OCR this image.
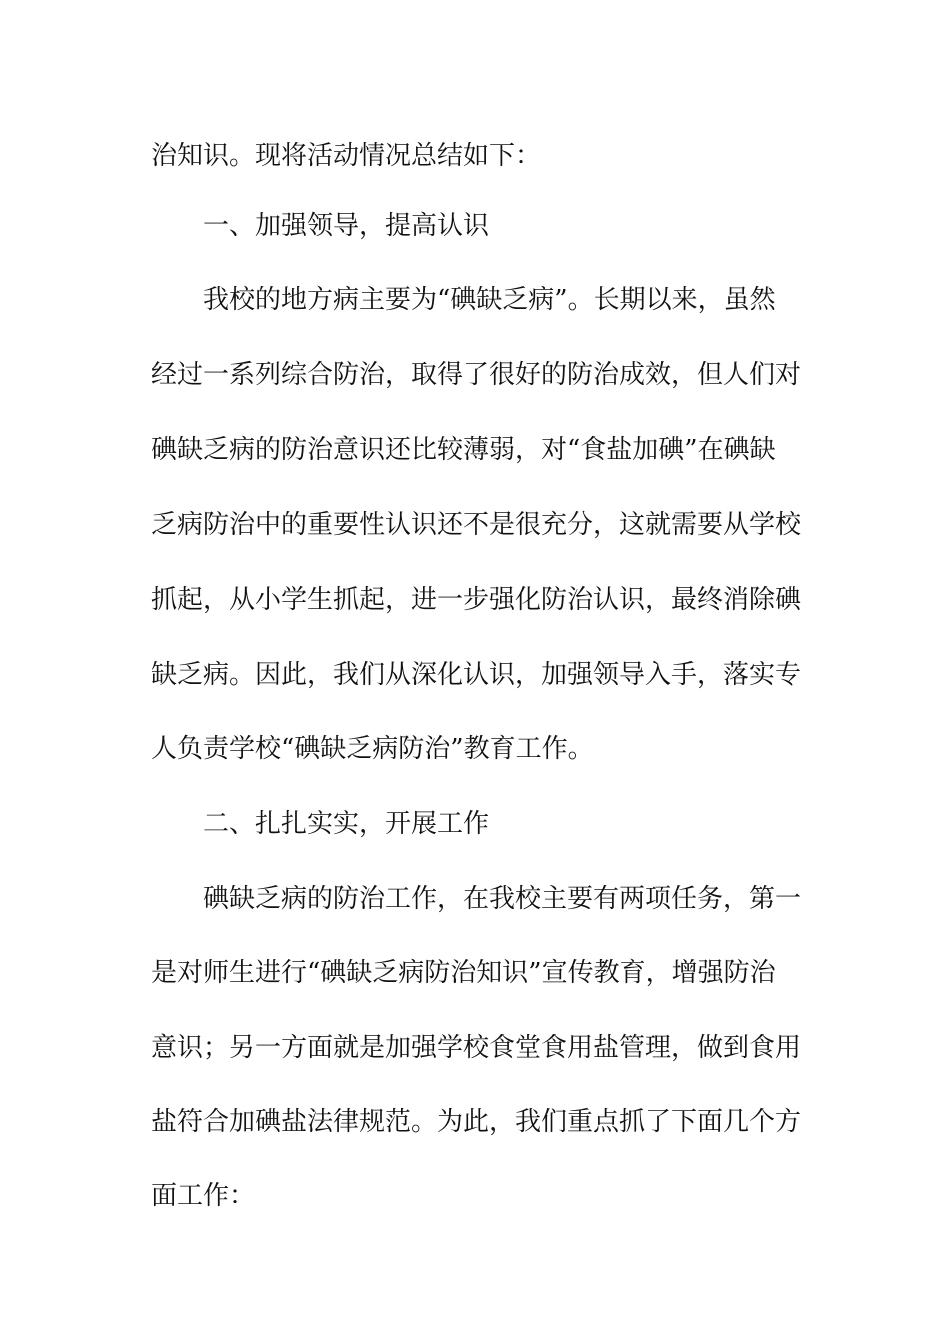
治知识。现将活动情况总结如下：
一、加强领导，提高认识
我校的地方病主要为“碘缺乏病”。长期以来，虽然
经过一系列综合防治，取得了很好的防治成效，但人们对
碘缺乏病的防治意识还比较薄弱，对“食盐加碘”在碘缺
乏病防治中的重要性认识还不是很充分，这就需要从学校
抓起，从小学生抓起，进一步强化防治认识，最终消除碘
缺乏病。因此，我们从深化认识，加强领导入手，落实专
人负责学校“碘缺乏病防治”教育工作。
二、扎扎实实，开展工作
碘缺乏病的防治工作，在我校主要有两项任务，第一
是对师生进行“碘缺乏病防治知识”宣传教育，增强防治
意识；另一方面就是加强学校食堂食用盐管理，做到食用
盐符合加碘盐法律规范。为此，我们重点抓了下面几个方
面工作：
